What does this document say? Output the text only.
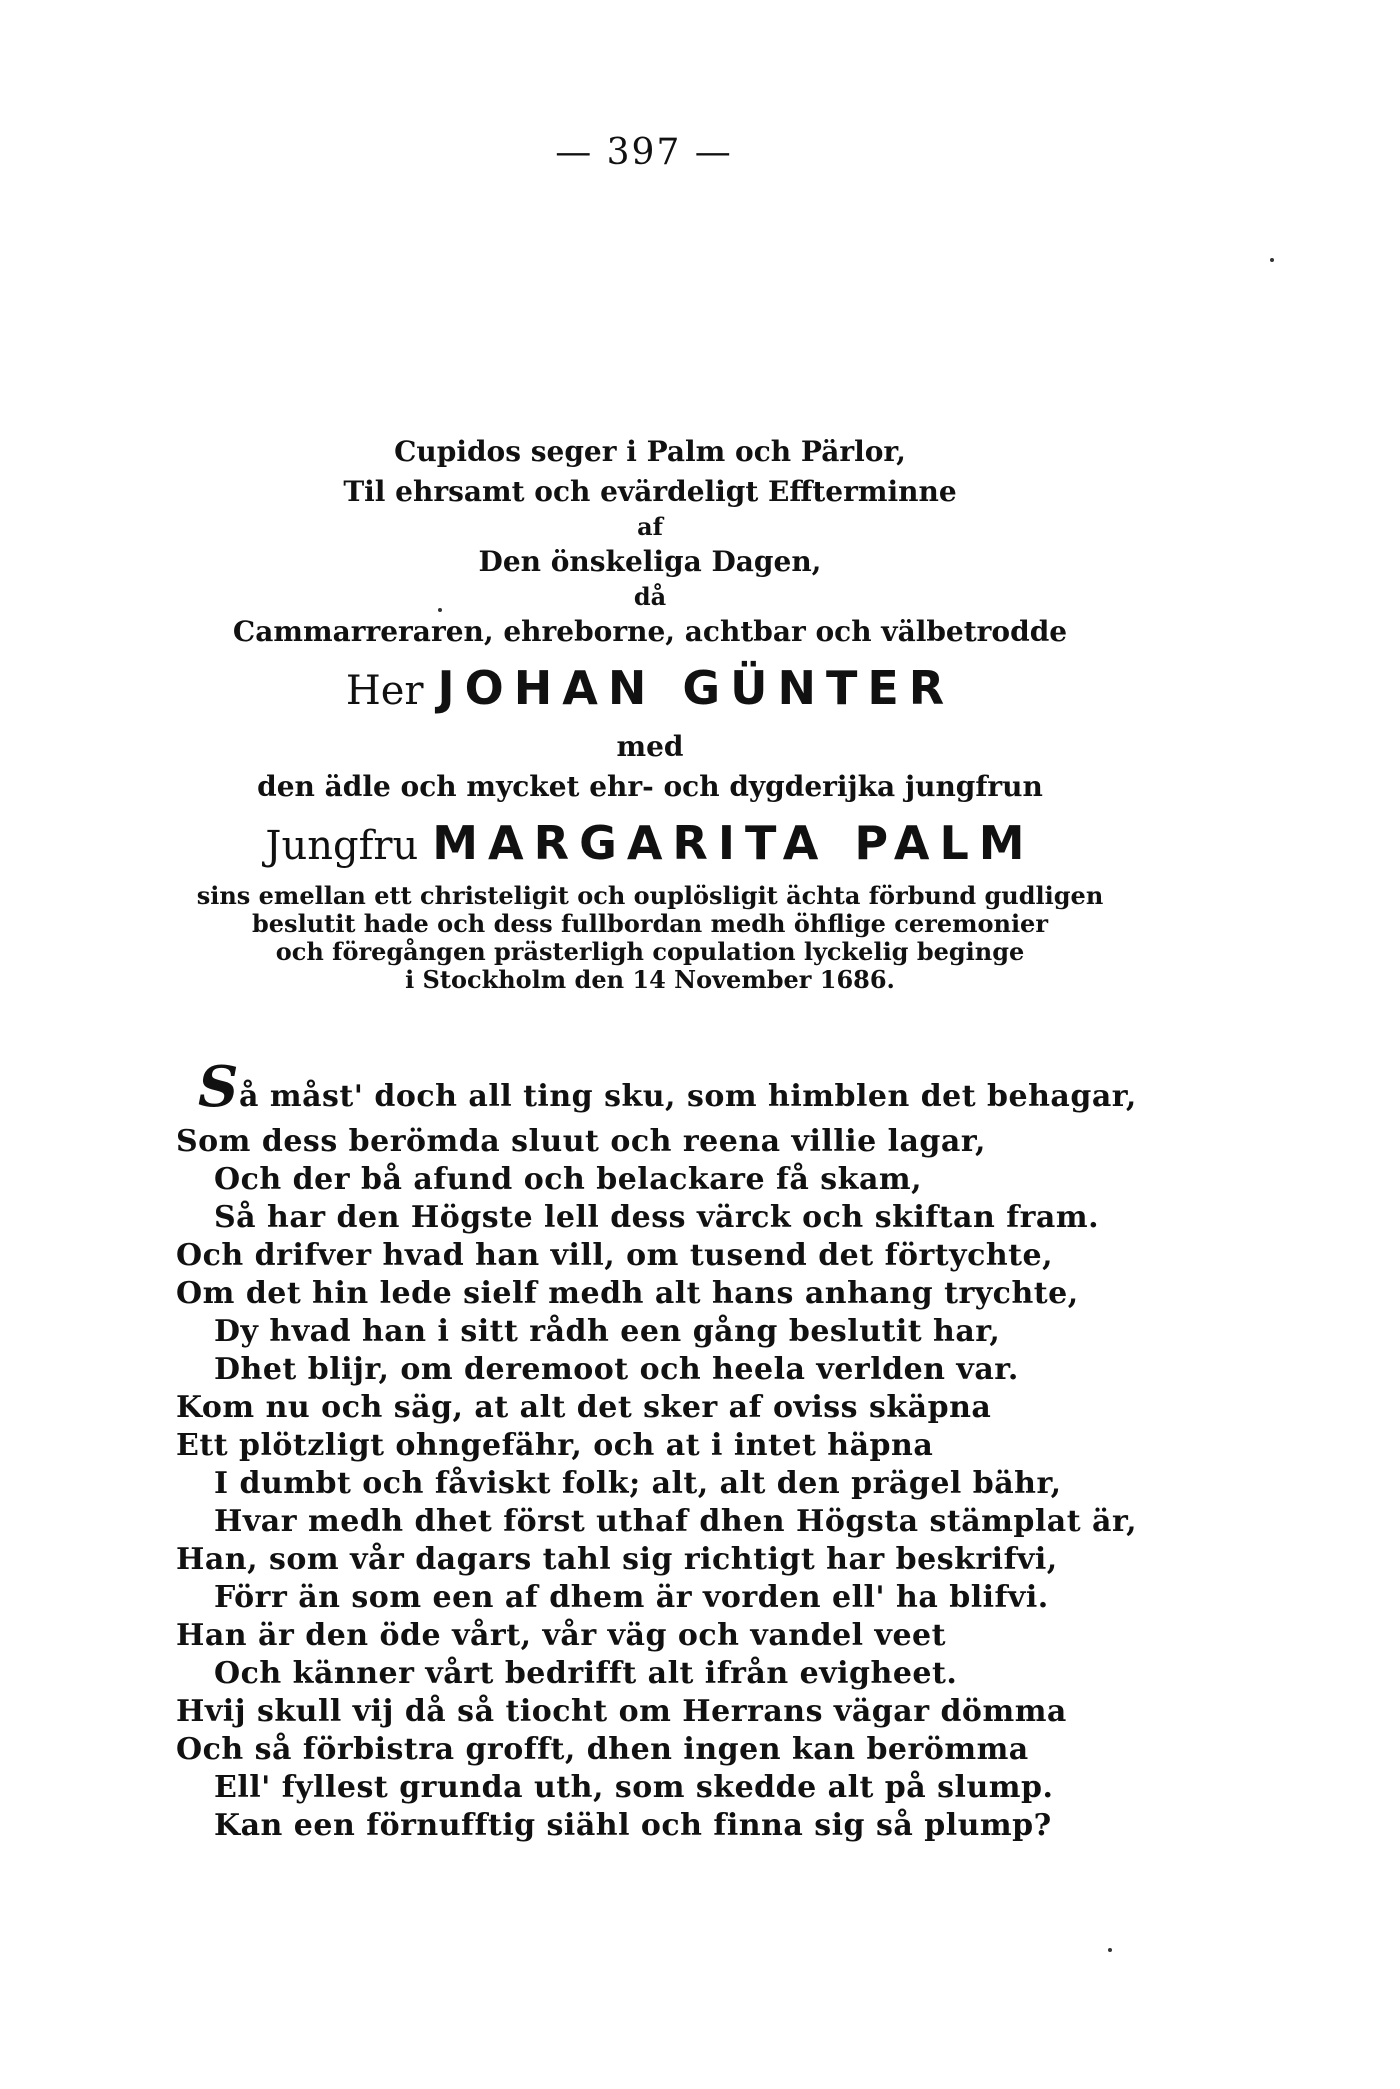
— 397 —
Cupidos seger i Palm och Pärlor,
Til ehrsamt och evärdeligt Effterminne
af
Den önskeliga Dagen,
då
Cammarreraren, ehreborne, achtbar och välbetrodde
Her JOHAN GÜNTER
med
den ädle och mycket ehr- och dygderijka jungfrun
Jungfru MARGARITA PALM
sins emellan ett christeligit och ouplösligit ächta förbund gudligen
beslutit hade och dess fullbordan medh öhflige ceremonier
och föregången prästerligh copulation lyckelig beginge
i Stockholm den 14 November 1686.
Så måst' doch all ting sku, som himblen det behagar,
Som dess berömda sluut och reena villie lagar,
Och der bå afund och belackare få skam,
Så har den Högste lell dess värck och skiftan fram.
Och drifver hvad han vill, om tusend det förtychte,
Om det hin lede sielf medh alt hans anhang trychte,
Dy hvad han i sitt rådh een gång beslutit har,
Dhet blijr, om deremoot och heela verlden var.
Kom nu och säg, at alt det sker af oviss skäpna
Ett plötzligt ohngefähr, och at i intet häpna
I dumbt och fåviskt folk; alt, alt den prägel bähr,
Hvar medh dhet först uthaf dhen Högsta stämplat är,
Han, som vår dagars tahl sig richtigt har beskrifvi,
Förr än som een af dhem är vorden ell' ha blifvi.
Han är den öde vårt, vår väg och vandel veet
Och känner vårt bedrifft alt ifrån evigheet.
Hvij skull vij då så tiocht om Herrans vägar dömma
Och så förbistra grofft, dhen ingen kan berömma
Ell' fyllest grunda uth, som skedde alt på slump.
Kan een förnufftig siähl och finna sig så plump?
